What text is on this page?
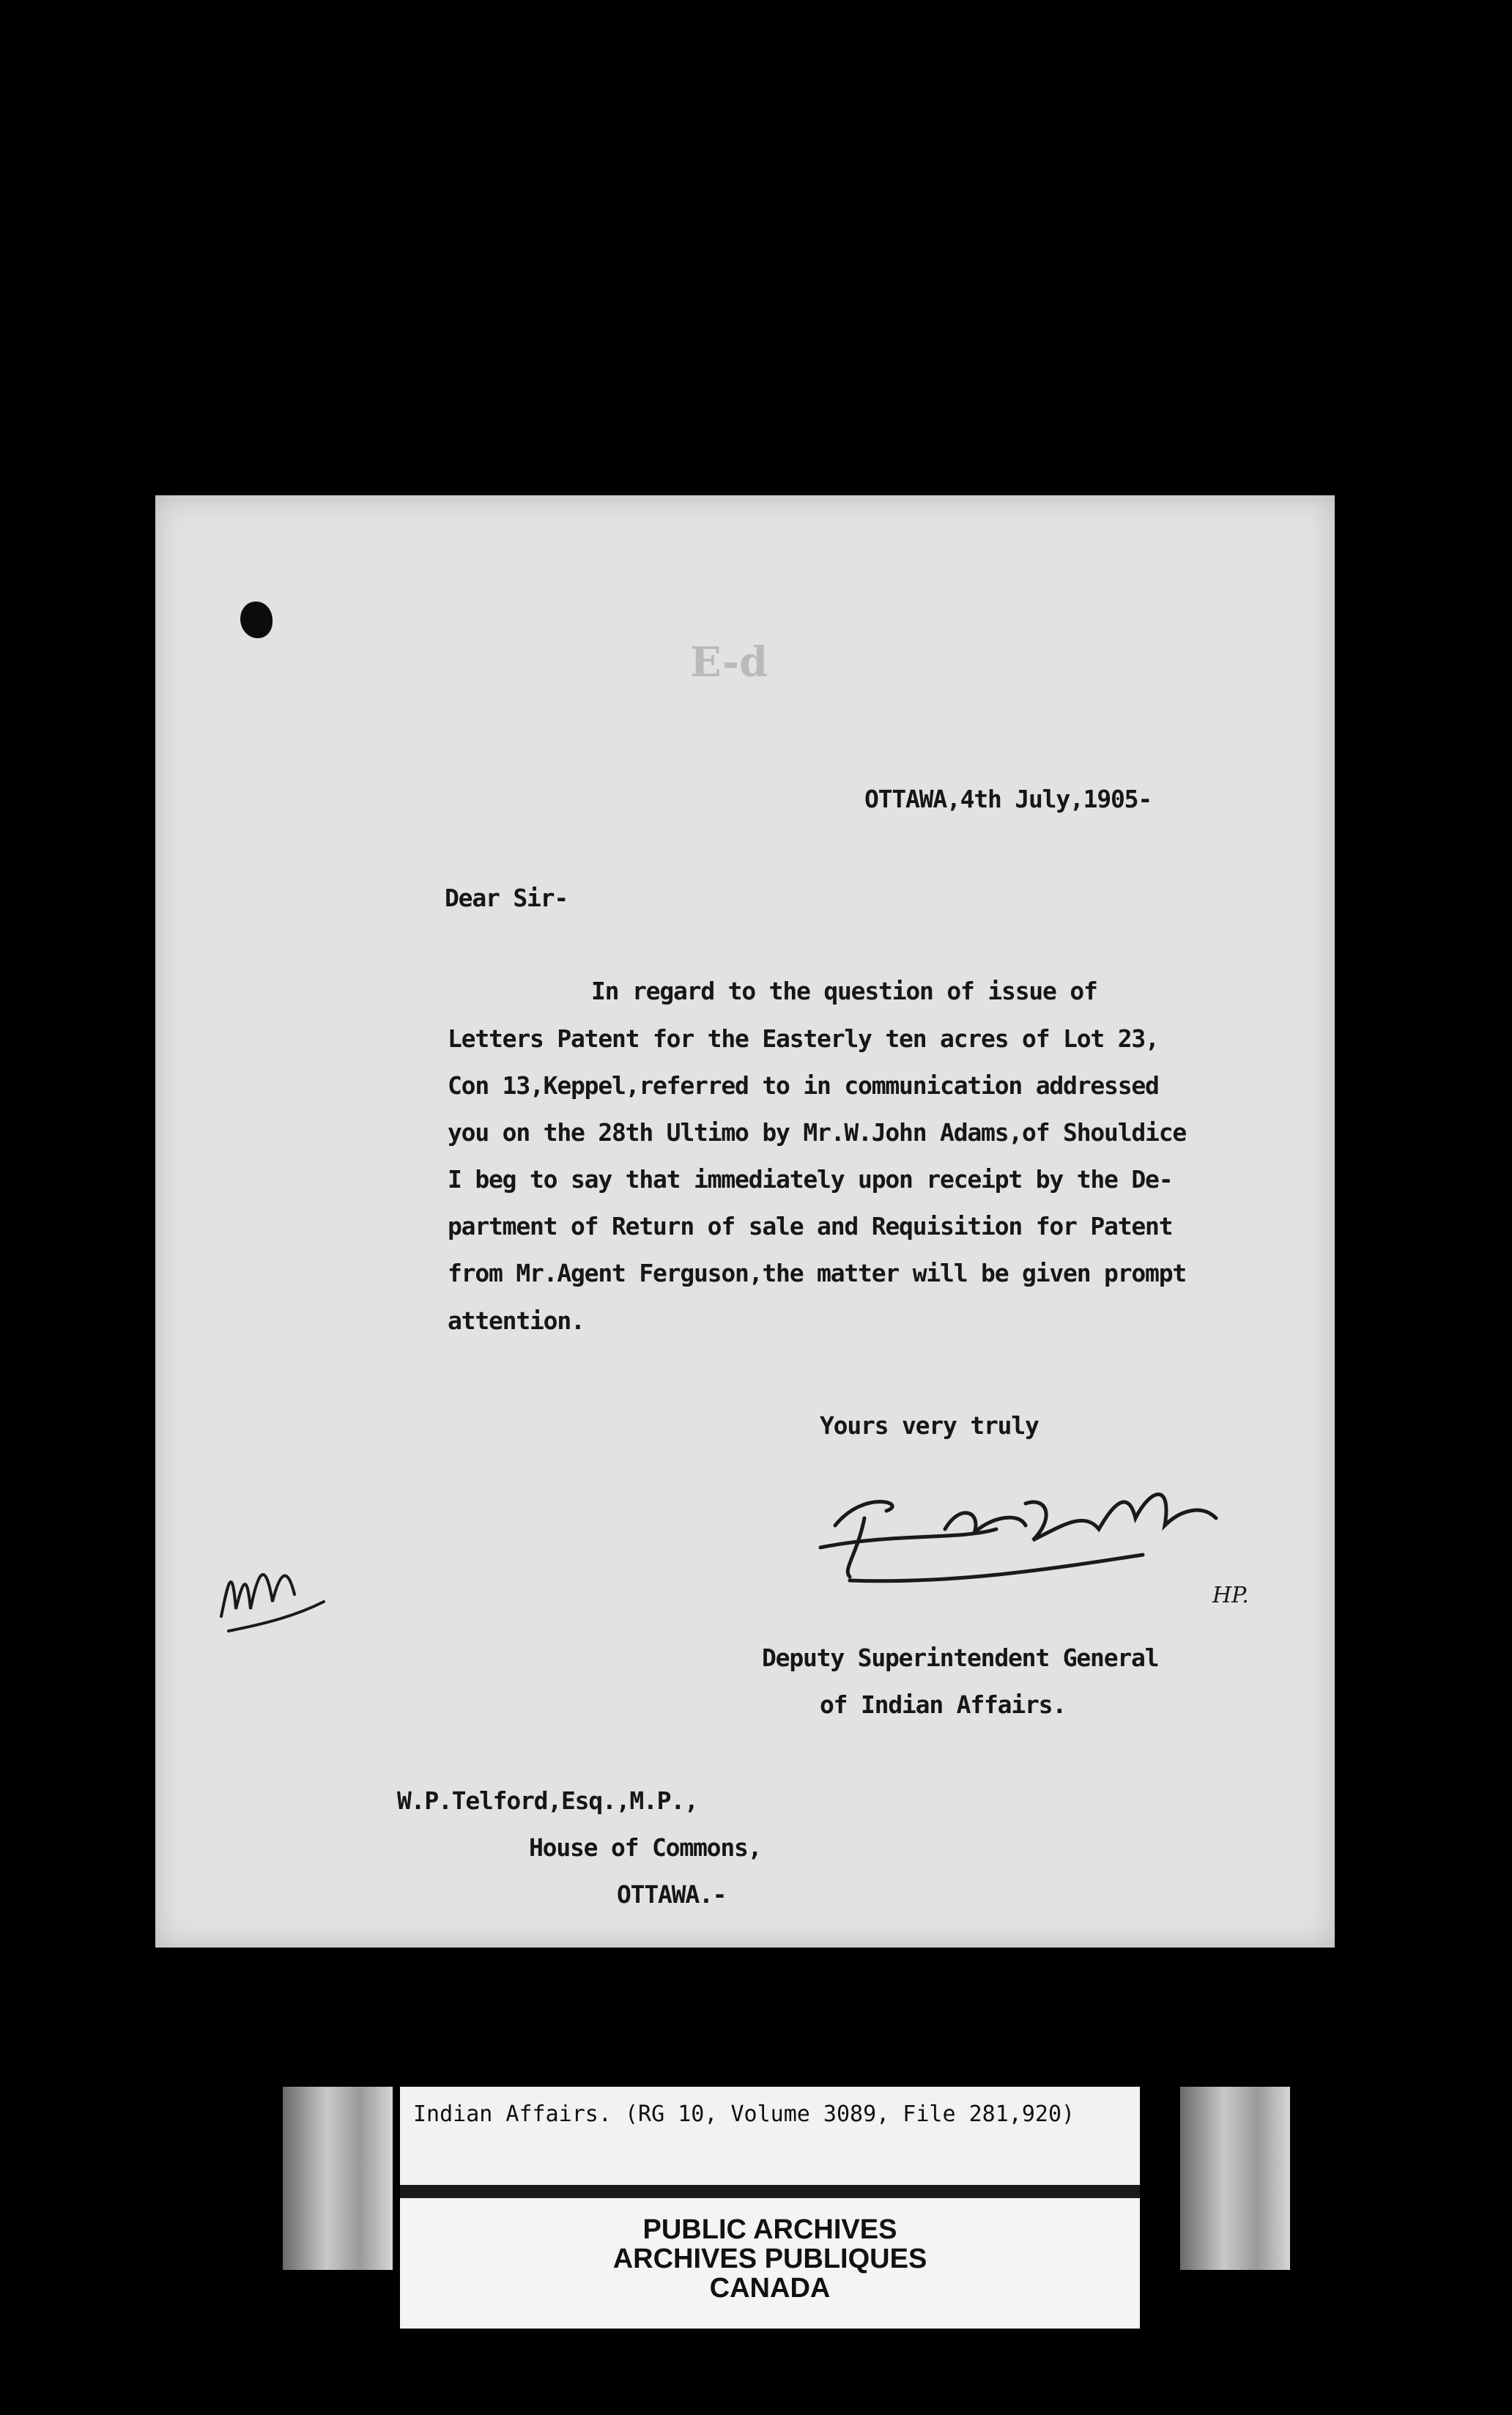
E-d
OTTAWA,4th July,1905-
Dear Sir-
In regard to the question of issue of
Letters Patent for the Easterly ten acres of Lot 23,
Con 13,Keppel,referred to in communication addressed
you on the 28th Ultimo by Mr.W.John Adams,of Shouldice
I beg to say that immediately upon receipt by the De-
partment of Return of sale and Requisition for Patent
from Mr.Agent Ferguson,the matter will be given prompt
attention.
Yours very truly
HP.
Deputy Superintendent General
of Indian Affairs.
W.P.Telford,Esq.,M.P.,
House of Commons,
OTTAWA.-
Indian Affairs. (RG 10, Volume 3089, File 281,920)
PUBLIC ARCHIVES
ARCHIVES PUBLIQUES
CANADA
